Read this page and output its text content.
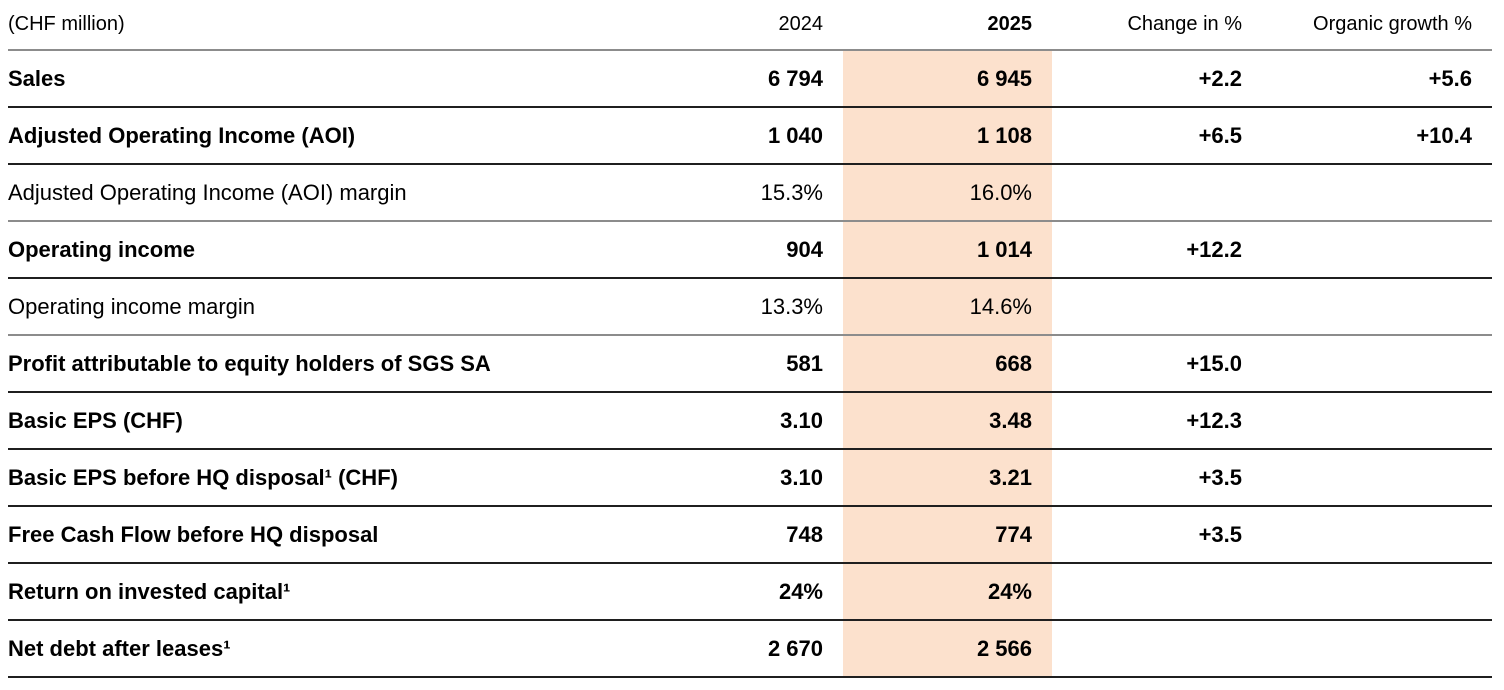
(CHF million)	2024	2025	Change in %	Organic growth %
Sales	6 794	6 945	+2.2	+5.6
Adjusted Operating Income (AOI)	1 040	1 108	+6.5	+10.4
Adjusted Operating Income (AOI) margin	15.3%	16.0%
Operating income	904	1 014	+12.2
Operating income margin	13.3%	14.6%
Profit attributable to equity holders of SGS SA	581	668	+15.0
Basic EPS (CHF)	3.10	3.48	+12.3
Basic EPS before HQ disposal¹ (CHF)	3.10	3.21	+3.5
Free Cash Flow before HQ disposal	748	774	+3.5
Return on invested capital¹	24%	24%
Net debt after leases¹	2 670	2 566
